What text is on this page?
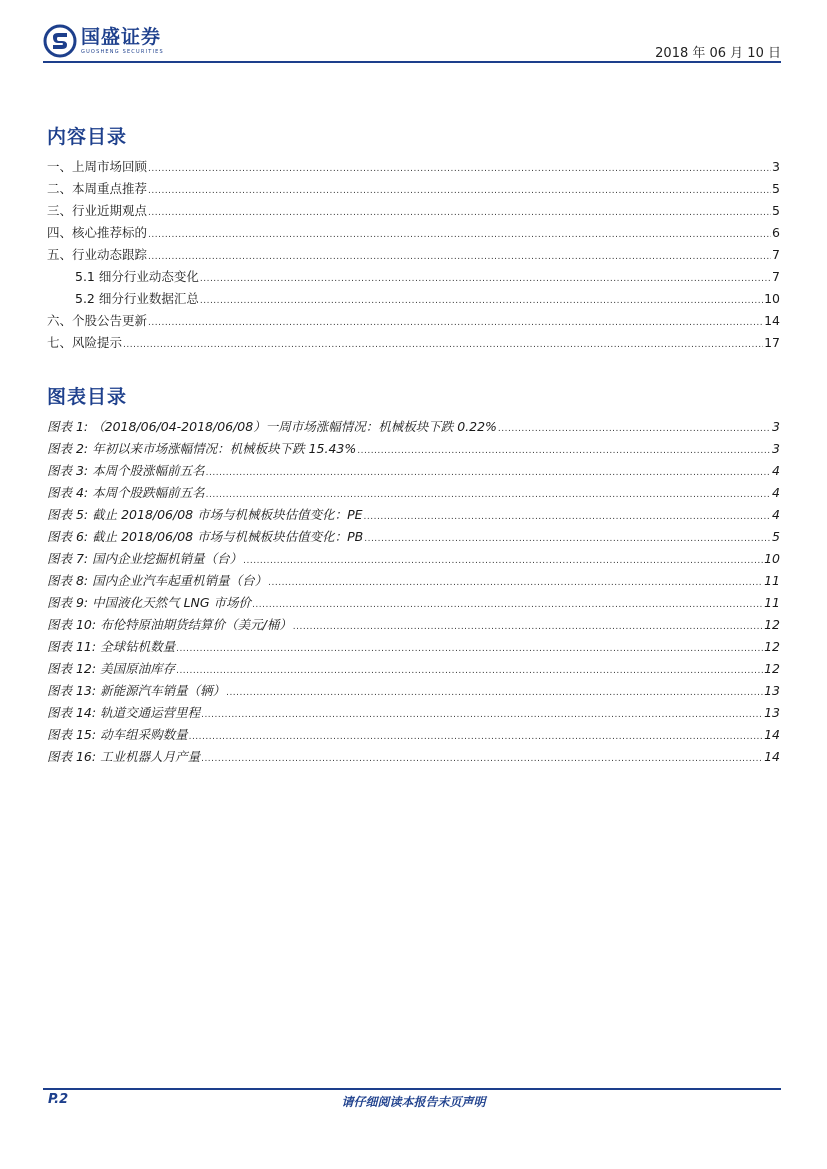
国盛证券
GUOSHENG SECURITIES	2018 年 06 月 10 日
内容目录
一、上周市场回顾 .....	3
二、本周重点推荐 .....	5
三、行业近期观点 .....	5
四、核心推荐标的 .....	6
五、行业动态跟踪 .....	7
5.1 细分行业动态变化 .....	7
5.2 细分行业数据汇总 .....	10
六、个股公告更新 .....	14
七、风险提示 .....	17
图表目录
图表 1: （2018/06/04-2018/06/08）一周市场涨幅情况：机械板块下跌 0.22% .....	3
图表 2: 年初以来市场涨幅情况：机械板块下跌 15.43% .....	3
图表 3: 本周个股涨幅前五名 .....	4
图表 4: 本周个股跌幅前五名 .....	4
图表 5: 截止 2018/06/08 市场与机械板块估值变化：PE .....	4
图表 6: 截止 2018/06/08 市场与机械板块估值变化：PB .....	5
图表 7: 国内企业挖掘机销量（台） .....	10
图表 8: 国内企业汽车起重机销量（台） .....	11
图表 9: 中国液化天然气 LNG 市场价 .....	11
图表 10: 布伦特原油期货结算价（美元/桶） .....	12
图表 11: 全球钻机数量 .....	12
图表 12: 美国原油库存 .....	12
图表 13: 新能源汽车销量（辆） .....	13
图表 14: 轨道交通运营里程 .....	13
图表 15: 动车组采购数量 .....	14
图表 16: 工业机器人月产量 .....	14
P.2	请仔细阅读本报告末页声明
